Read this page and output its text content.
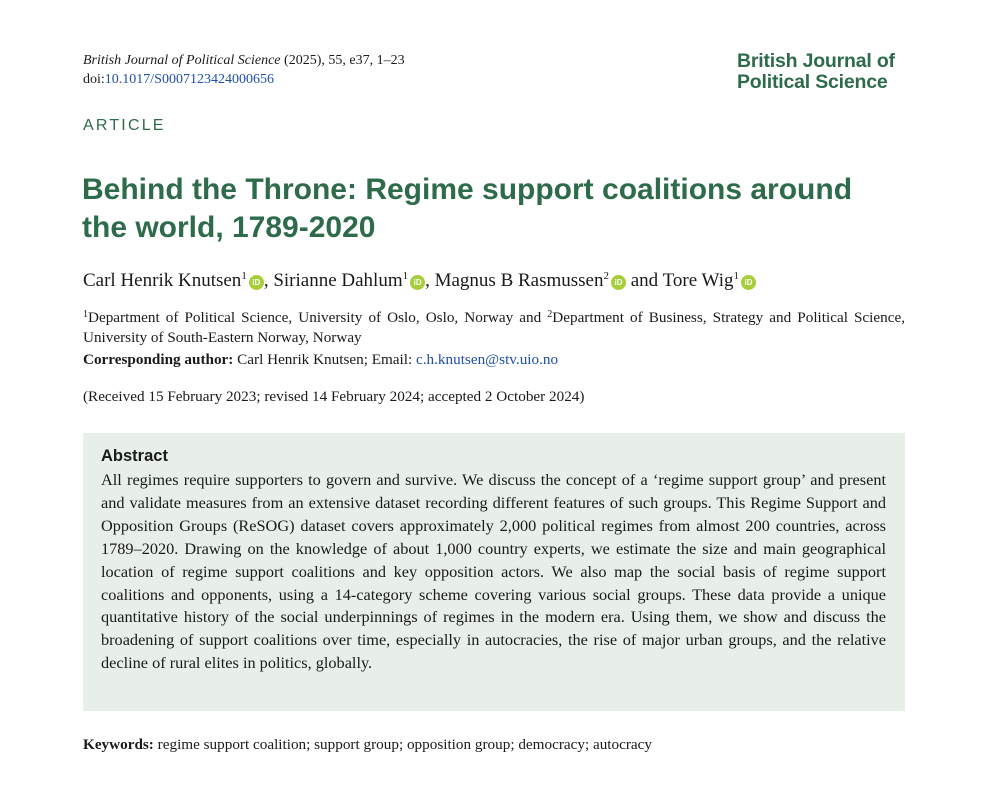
British Journal of Political Science (2025), 55, e37, 1–23
doi:10.1017/S0007123424000656
British Journal of
Political Science
ARTICLE
Behind the Throne: Regime support coalitions around the world, 1789-2020
Carl Henrik Knutsen$^1$iD , Sirianne Dahlum$^1$iD , Magnus B Rasmussen$^2$iD and Tore Wig$^1$iD
$^1$Department of Political Science, University of Oslo, Oslo, Norway and $^2$Department of Business, Strategy and Political Science, University of South-Eastern Norway, Norway
Corresponding author: Carl Henrik Knutsen; Email: c.h.knutsen@stv.uio.no
(Received 15 February 2023; revised 14 February 2024; accepted 2 October 2024)
Abstract

All regimes require supporters to govern and survive. We discuss the concept of a ‘regime support group’ and present and validate measures from an extensive dataset recording different features of such groups. This Regime Support and Opposition Groups (ReSOG) dataset covers approximately 2,000 political regimes from almost 200 countries, across 1789–2020. Drawing on the knowledge of about 1,000 country experts, we estimate the size and main geographical location of regime support coalitions and key opposition actors. We also map the social basis of regime support coalitions and opponents, using a 14-category scheme covering various social groups. These data provide a unique quantitative history of the social underpinnings of regimes in the modern era. Using them, we show and discuss the broadening of support coalitions over time, especially in autocracies, the rise of major urban groups, and the relative decline of rural elites in politics, globally.

Keywords: regime support coalition; support group; opposition group; democracy; autocracy
